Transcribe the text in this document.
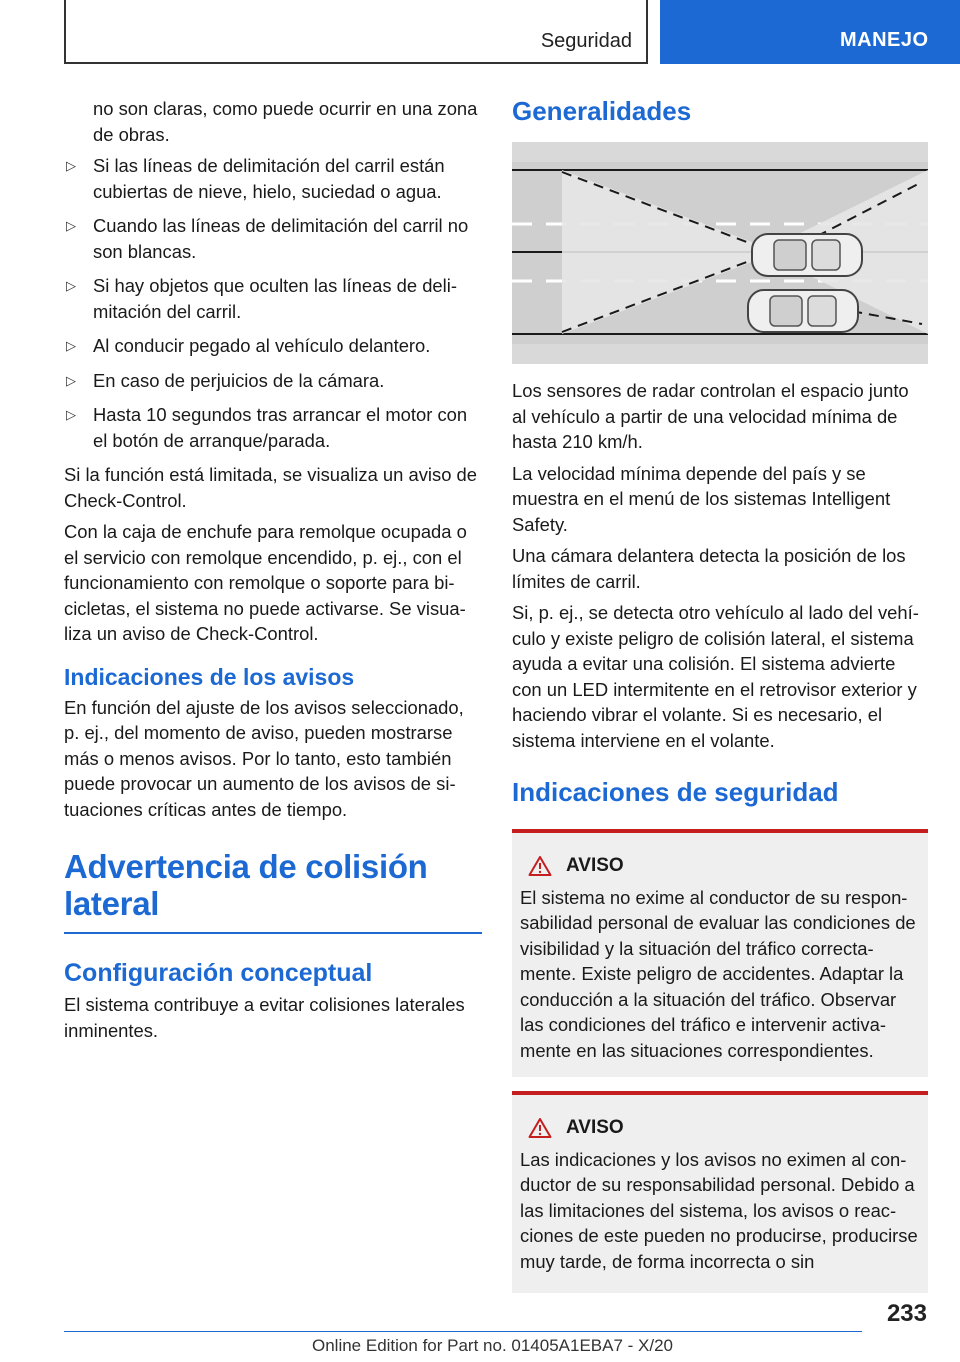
Seguridad	MANEJO

no son claras, como puede ocurrir en una zona de obras.

▷ Si las líneas de delimitación del carril están cubiertas de nieve, hielo, suciedad o agua.
▷ Cuando las líneas de delimitación del carril no son blancas.
▷ Si hay objetos que oculten las líneas de delimitación del carril.
▷ Al conducir pegado al vehículo delantero.
▷ En caso de perjuicios de la cámara.
▷ Hasta 10 segundos tras arrancar el motor con el botón de arranque/parada.

Si la función está limitada, se visualiza un aviso de Check-Control.

Con la caja de enchufe para remolque ocupada o el servicio con remolque encendido, p. ej., con el funcionamiento con remolque o soporte para bicicletas, el sistema no puede activarse. Se visualiza un aviso de Check-Control.

Indicaciones de los avisos

En función del ajuste de los avisos seleccionado, p. ej., del momento de aviso, pueden mostrarse más o menos avisos. Por lo tanto, esto también puede provocar un aumento de los avisos de situaciones críticas antes de tiempo.

Advertencia de colisión lateral
Configuración conceptual

El sistema contribuye a evitar colisiones laterales inminentes.

Generalidades

Los sensores de radar controlan el espacio junto al vehículo a partir de una velocidad mínima de hasta 210 km/h.

La velocidad mínima depende del país y se muestra en el menú de los sistemas Intelligent Safety.

Una cámara delantera detecta la posición de los límites de carril.

Si, p. ej., se detecta otro vehículo al lado del vehículo y existe peligro de colisión lateral, el sistema ayuda a evitar una colisión. El sistema advierte con un LED intermitente en el retrovisor exterior y haciendo vibrar el volante. Si es necesario, el sistema interviene en el volante.

Indicaciones de seguridad
AVISO

El sistema no exime al conductor de su responsabilidad personal de evaluar las condiciones de visibilidad y la situación del tráfico correctamente. Existe peligro de accidentes. Adaptar la conducción a la situación del tráfico. Observar las condiciones del tráfico e intervenir activamente en las situaciones correspondientes.

AVISO

Las indicaciones y los avisos no eximen al conductor de su responsabilidad personal. Debido a las limitaciones del sistema, los avisos o reacciones de este pueden no producirse, producirse muy tarde, de forma incorrecta o sin

233
Online Edition for Part no. 01405A1EBA7 - X/20
